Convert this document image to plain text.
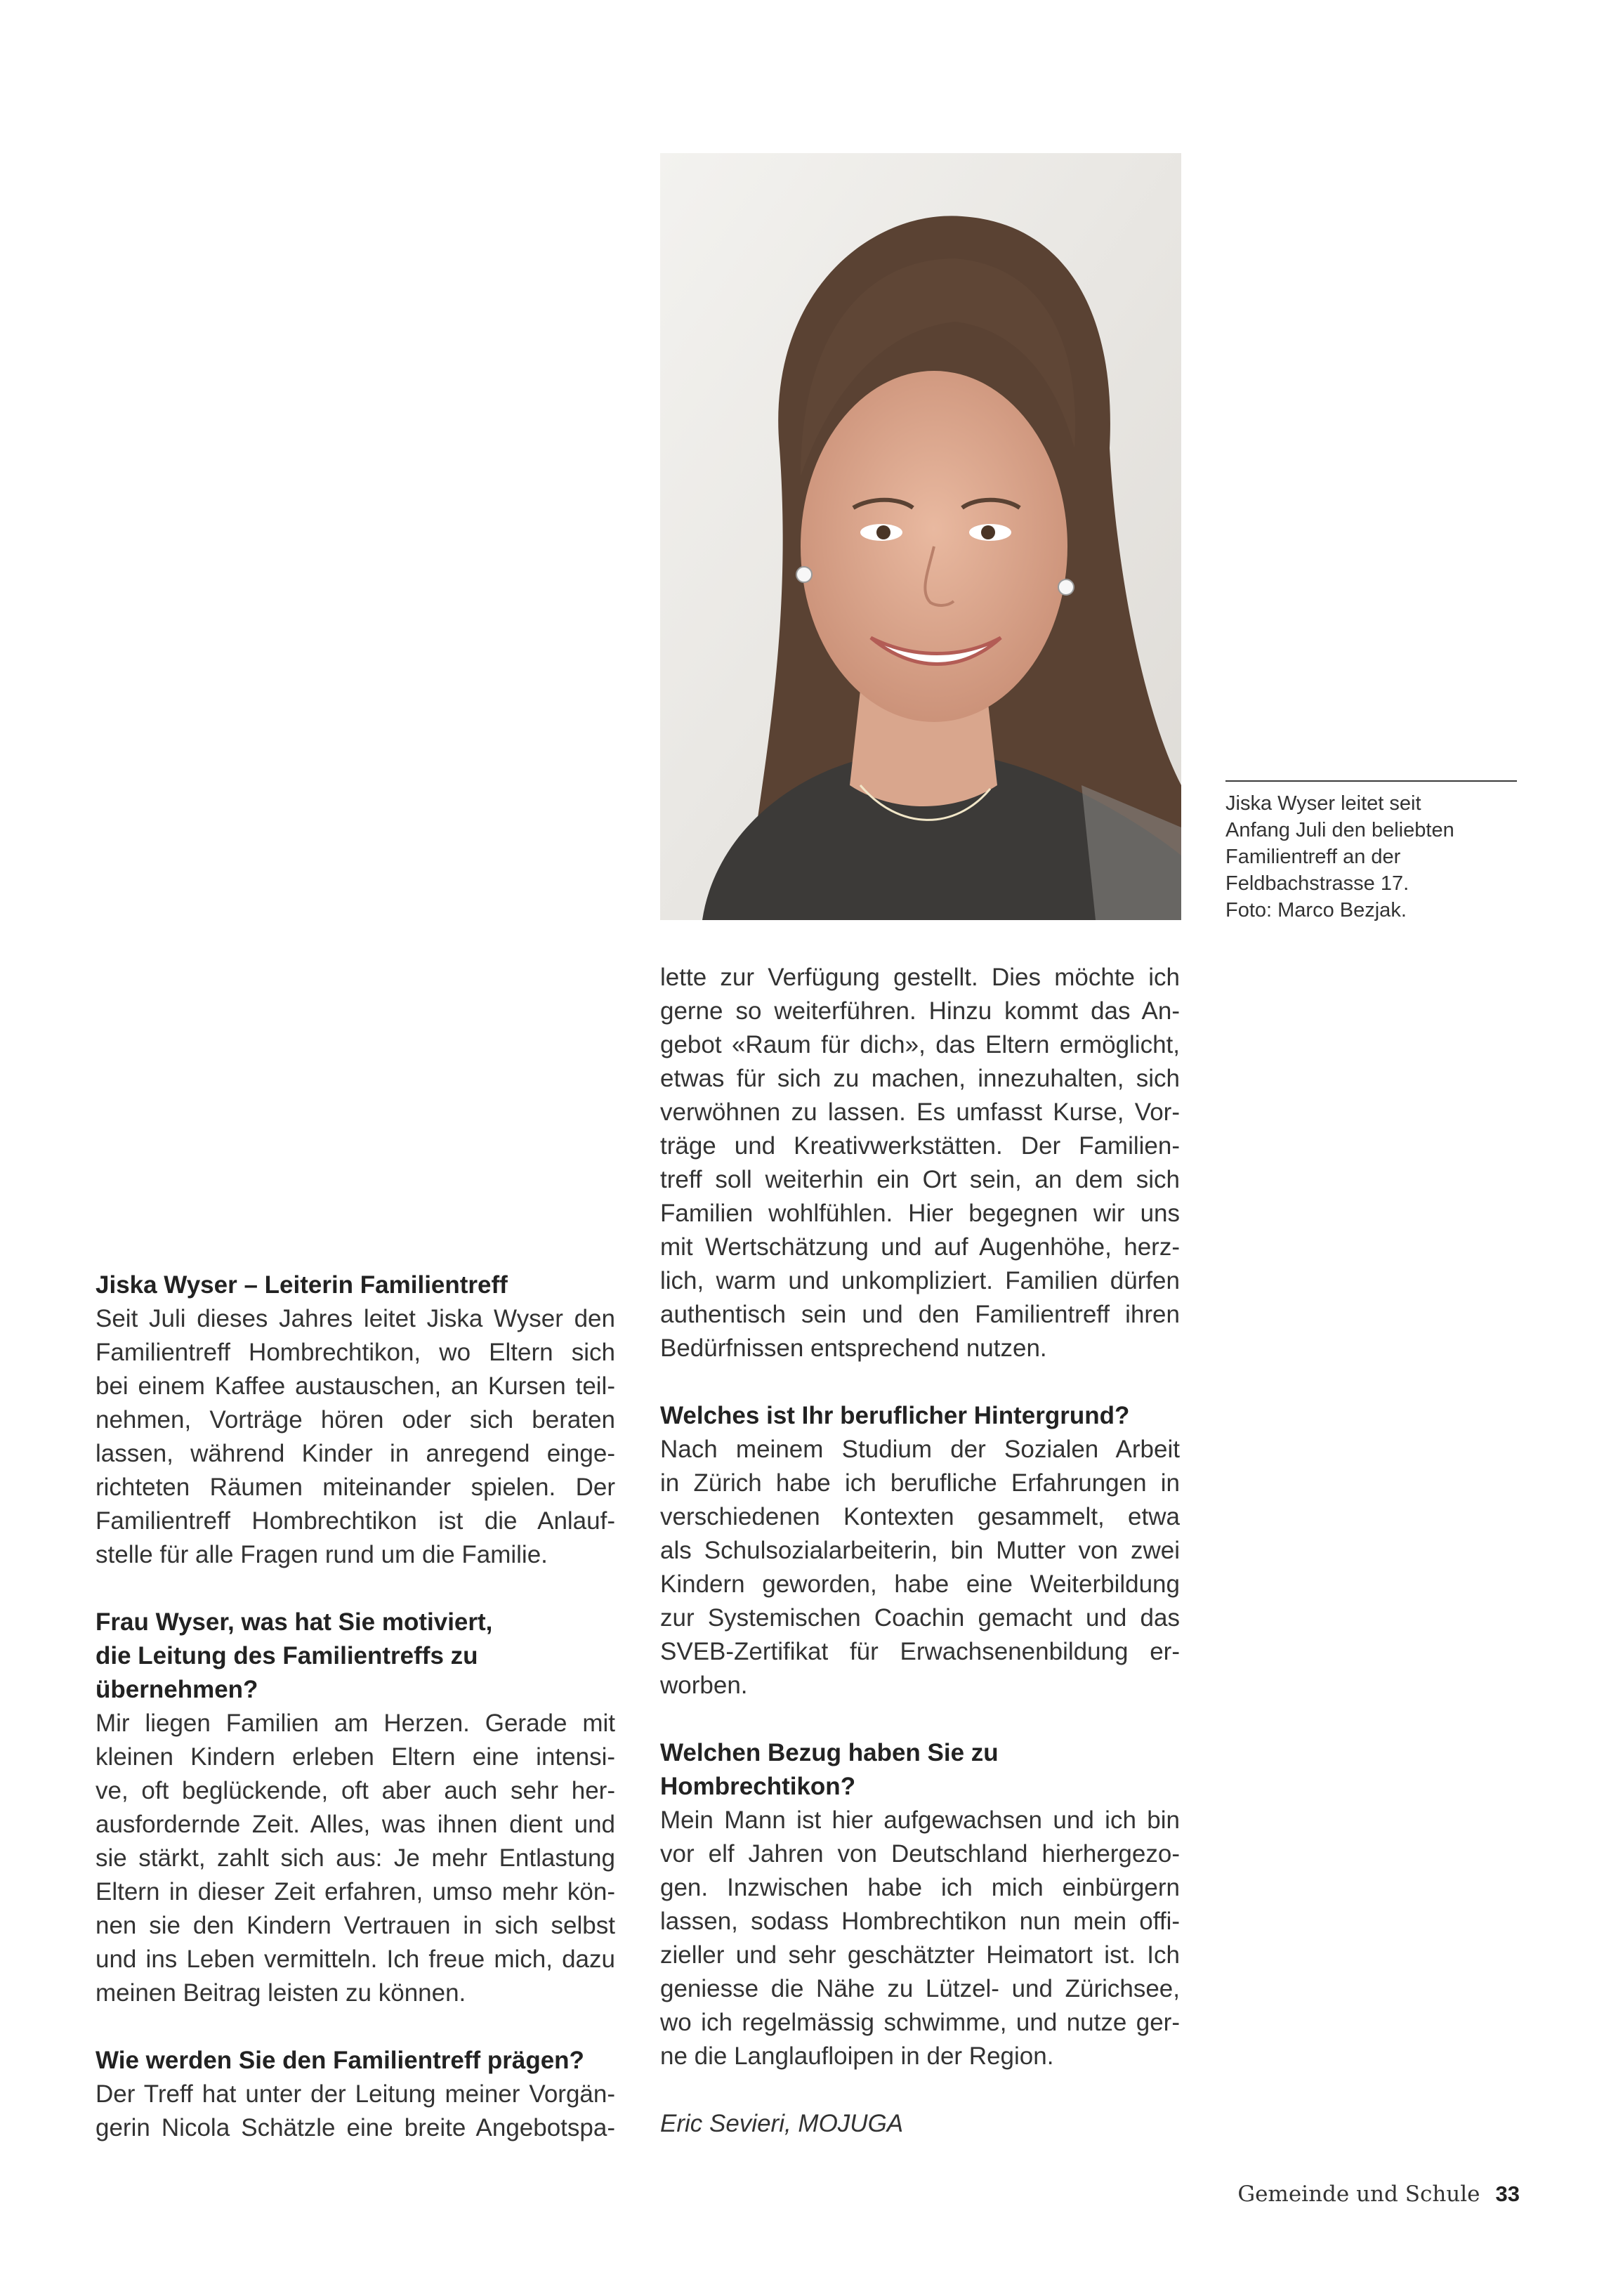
Jiska Wyser leitet seit
Anfang Juli den beliebten
Familientreff an der
Feldbachstrasse 17.
Foto: Marco Bezjak.
Jiska Wyser – Leiterin Familientreff
Seit Juli dieses Jahres leitet Jiska Wyser den
Familientreff Hombrechtikon, wo Eltern sich
bei einem Kaffee austauschen, an Kursen teil-
nehmen, Vorträge hören oder sich beraten
lassen, während Kinder in anregend einge-
richteten Räumen miteinander spielen. Der
Familientreff Hombrechtikon ist die Anlauf-
stelle für alle Fragen rund um die Familie.
Frau Wyser, was hat Sie motiviert,
die Leitung des Familientreffs zu
übernehmen?
Mir liegen Familien am Herzen. Gerade mit
kleinen Kindern erleben Eltern eine intensi-
ve, oft beglückende, oft aber auch sehr her-
ausfordernde Zeit. Alles, was ihnen dient und
sie stärkt, zahlt sich aus: Je mehr Entlastung
Eltern in dieser Zeit erfahren, umso mehr kön-
nen sie den Kindern Vertrauen in sich selbst
und ins Leben vermitteln. Ich freue mich, dazu
meinen Beitrag leisten zu können.
Wie werden Sie den Familientreff prägen?
Der Treff hat unter der Leitung meiner Vorgän-
gerin Nicola Schätzle eine breite Angebotspa-
lette zur Verfügung gestellt. Dies möchte ich
gerne so weiterführen. Hinzu kommt das An-
gebot «Raum für dich», das Eltern ermöglicht,
etwas für sich zu machen, innezuhalten, sich
verwöhnen zu lassen. Es umfasst Kurse, Vor-
träge und Kreativwerkstätten. Der Familien-
treff soll weiterhin ein Ort sein, an dem sich
Familien wohlfühlen. Hier begegnen wir uns
mit Wertschätzung und auf Augenhöhe, herz-
lich, warm und unkompliziert. Familien dürfen
authentisch sein und den Familientreff ihren
Bedürfnissen entsprechend nutzen.
Welches ist Ihr beruflicher Hintergrund?
Nach meinem Studium der Sozialen Arbeit
in Zürich habe ich berufliche Erfahrungen in
verschiedenen Kontexten gesammelt, etwa
als Schulsozialarbeiterin, bin Mutter von zwei
Kindern geworden, habe eine Weiterbildung
zur Systemischen Coachin gemacht und das
SVEB-Zertifikat für Erwachsenenbildung er-
worben.
Welchen Bezug haben Sie zu
Hombrechtikon?
Mein Mann ist hier aufgewachsen und ich bin
vor elf Jahren von Deutschland hierhergezo-
gen. Inzwischen habe ich mich einbürgern
lassen, sodass Hombrechtikon nun mein offi-
zieller und sehr geschätzter Heimatort ist. Ich
geniesse die Nähe zu Lützel- und Zürichsee,
wo ich regelmässig schwimme, und nutze ger-
ne die Langlaufloipen in der Region.
Eric Sevieri, MOJUGA
Gemeinde und Schule 33
